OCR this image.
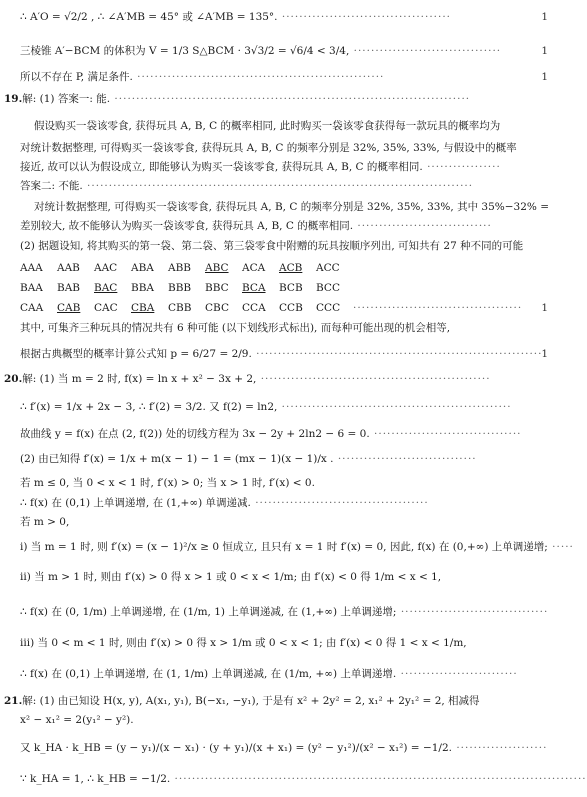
∴ A′O = √2/2 , ∴ ∠A′MB = 45° 或 ∠A′MB = 135°. ·······································	1
三棱锥 A′−BCM 的体积为 V = 1/3 S△BCM · 3√3/2 = √6/4 < 3/4, ··································	1
所以不存在 P, 满足条件. ·························································	1
19.解: (1) 答案一: 能. ··················································································
假设购买一袋该零食, 获得玩具 A, B, C 的概率相同, 此时购买一袋该零食获得每一款玩具的概率均为
对统计数据整理, 可得购买一袋该零食, 获得玩具 A, B, C 的频率分别是 32%, 35%, 33%, 与假设中的概率
接近, 故可以认为假设成立, 即能够认为购买一袋该零食, 获得玩具 A, B, C 的概率相同. ·················
答案二: 不能. ·························································································
对统计数据整理, 可得购买一袋该零食, 获得玩具 A, B, C 的频率分别是 32%, 35%, 33%, 其中 35%−32% =
差别较大, 故不能够认为购买一袋该零食, 获得玩具 A, B, C 的概率相同. ·······························
(2) 据题设知, 将其购买的第一袋、第二袋、第三袋零食中附赠的玩具按顺序列出, 可知共有 27 种不同的可能
其中, 可集齐三种玩具的情况共有 6 种可能 (以下划线形式标出), 而每种可能出现的机会相等,
根据古典概型的概率计算公式知 p = 6/27 = 2/9. ··································································
1
20.解: (1) 当 m = 2 时, f(x) = ln x + x² − 3x + 2, ·····················································
∴ f′(x) = 1/x + 2x − 3, ∴ f′(2) = 3/2. 又 f(2) = ln2, ·····················································
故曲线 y = f(x) 在点 (2, f(2)) 处的切线方程为 3x − 2y + 2ln2 − 6 = 0. ··································
(2) 由已知得 f′(x) = 1/x + m(x − 1) − 1 = (mx − 1)(x − 1)/x . ································
若 m ≤ 0, 当 0 < x < 1 时, f′(x) > 0; 当 x > 1 时, f′(x) < 0.
∴ f(x) 在 (0,1) 上单调递增, 在 (1,+∞) 单调递减. ········································
若 m > 0,
i) 当 m = 1 时, 则 f′(x) = (x − 1)²/x ≥ 0 恒成立, 且只有 x = 1 时 f′(x) = 0, 因此, f(x) 在 (0,+∞) 上单调递增; ·····
ii) 当 m > 1 时, 则由 f′(x) > 0 得 x > 1 或 0 < x < 1/m; 由 f′(x) < 0 得 1/m < x < 1,
∴ f(x) 在 (0, 1/m) 上单调递增, 在 (1/m, 1) 上单调递减, 在 (1,+∞) 上单调递增; ··································
iii) 当 0 < m < 1 时, 则由 f′(x) > 0 得 x > 1/m 或 0 < x < 1; 由 f′(x) < 0 得 1 < x < 1/m,
∴ f(x) 在 (0,1) 上单调递增, 在 (1, 1/m) 上单调递减, 在 (1/m, +∞) 上单调递增. ···························
21.解: (1) 由已知设 H(x, y), A(x₁, y₁), B(−x₁, −y₁), 于是有 x² + 2y² = 2, x₁² + 2y₁² = 2, 相减得
x² − x₁² = 2(y₁² − y²).
又 k_HA · k_HB = (y − y₁)/(x − x₁) · (y + y₁)/(x + x₁) = (y² − y₁²)/(x² − x₁²) = −1/2. ·····················
∵ k_HA = 1, ∴ k_HB = −1/2. ·······························································································
AAA AAB AAC ABA ABB ABC ACA ACB ACC
BAA BAB BAC BBA BBB BBC BCA BCB BCC
CAA CAB CAC CBA CBB CBC CCA CCB CCC ······································· 1
